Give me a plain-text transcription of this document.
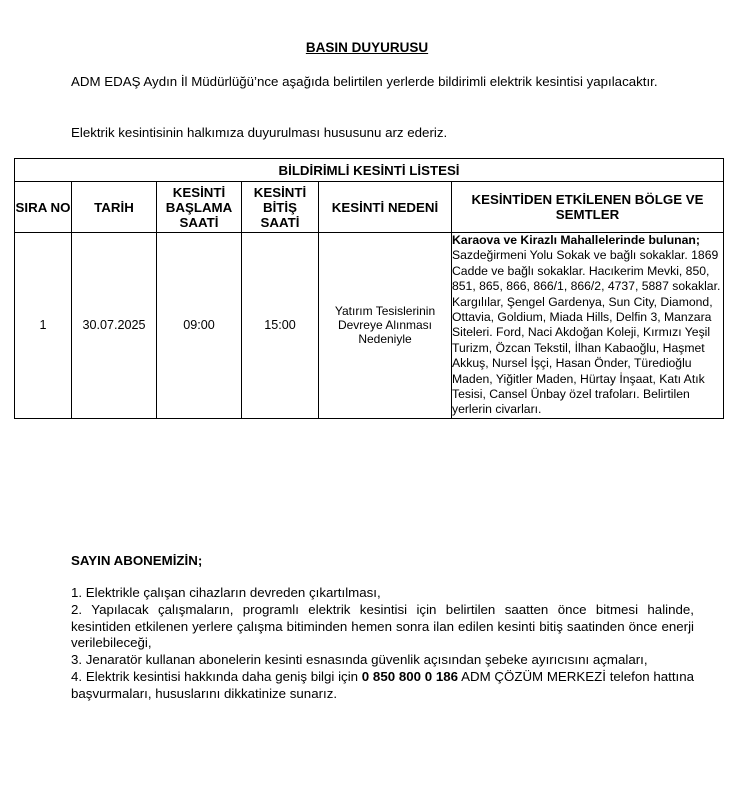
BASIN DUYURUSU
ADM EDAŞ Aydın İl Müdürlüğü’nce aşağıda belirtilen yerlerde bildirimli elektrik kesintisi yapılacaktır.
Elektrik kesintisinin halkımıza duyurulması hususunu arz ederiz.
BİLDİRİMLİ KESİNTİ LİSTESİ					
SIRA NO	TARİH	KESİNTİ BAŞLAMA SAATİ	KESİNTİ BİTİŞ SAATİ	KESİNTİ NEDENİ	KESİNTİDEN ETKİLENEN BÖLGE VE SEMTLER
1	30.07.2025	09:00	15:00	Yatırım Tesislerinin Devreye Alınması Nedeniyle	Karaova ve Kirazlı Mahallelerinde bulunan;
Sazdeğirmeni Yolu Sokak ve bağlı sokaklar. 1869 Cadde ve bağlı sokaklar. Hacıkerim Mevki, 850, 851, 865, 866, 866/1, 866/2, 4737, 5887 sokaklar. Kargılılar, Şengel Gardenya, Sun City, Diamond, Ottavia, Goldium, Miada Hills, Delfin 3, Manzara Siteleri. Ford, Naci Akdoğan Koleji, Kırmızı Yeşil Turizm, Özcan Tekstil, İlhan Kabaoğlu, Haşmet Akkuş, Nursel İşçi, Hasan Önder, Türedioğlu Maden, Yiğitler Maden, Hürtay İnşaat, Katı Atık Tesisi, Cansel Ünbay özel trafoları. Belirtilen yerlerin civarları.
SAYIN ABONEMİZİN;
1. Elektrikle çalışan cihazların devreden çıkartılması,
2. Yapılacak çalışmaların, programlı elektrik kesintisi için belirtilen saatten önce bitmesi halinde, kesintiden etkilenen yerlere çalışma bitiminden hemen sonra ilan edilen kesinti bitiş saatinden önce enerji verilebileceği,
3. Jenaratör kullanan abonelerin kesinti esnasında güvenlik açısından şebeke ayırıcısını açmaları,
4. Elektrik kesintisi hakkında daha geniş bilgi için 0 850 800 0 186 ADM ÇÖZÜM MERKEZİ telefon hattına başvurmaları, hususlarını dikkatinize sunarız.
